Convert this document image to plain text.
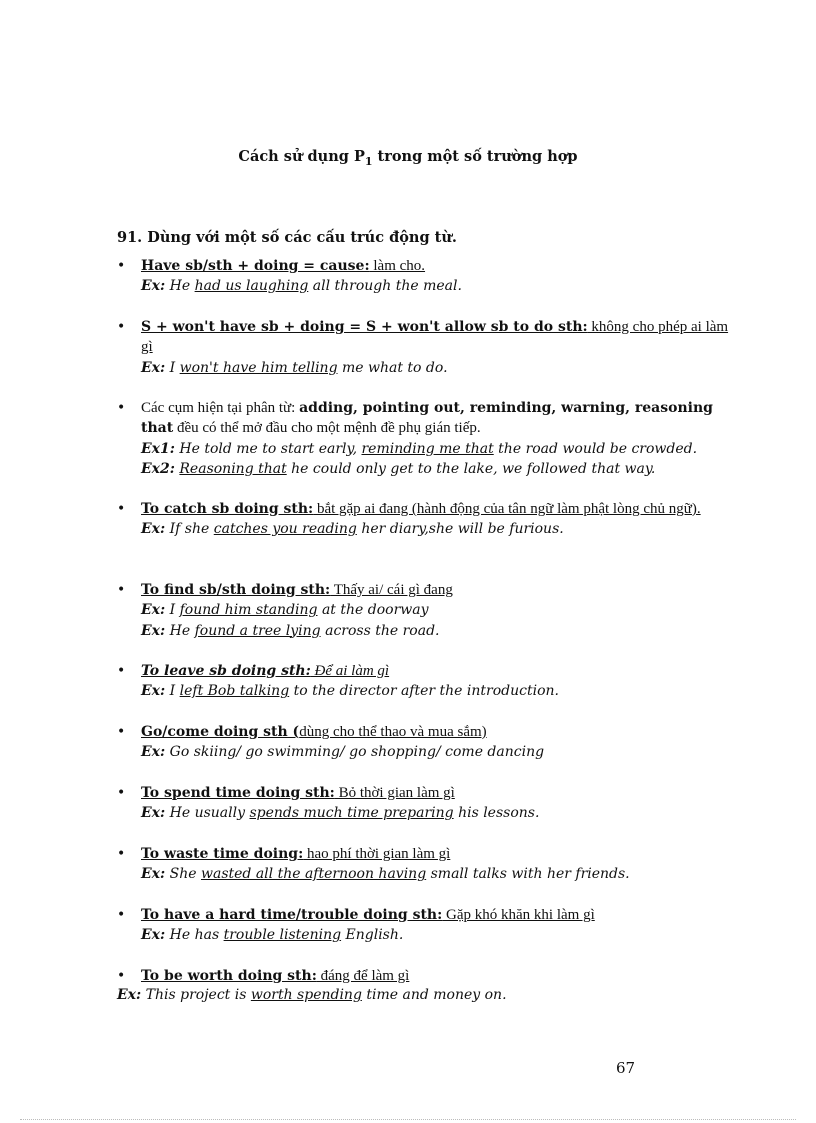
Cách sử dụng $P_1$ trong một số trường hợp
91. Dùng với một số các cấu trúc động từ.
•	Have sb/sth + doing = cause: làm cho.
Ex: He had us laughing all through the meal.
•	S + won't have sb + doing = S + won't allow sb to do sth: không cho phép ai làm gì
Ex: I won't have him telling me what to do.
•	Các cụm hiện tại phân từ: adding, pointing out, reminding, warning, reasoning that đều có thể mở đầu cho một mệnh đề phụ gián tiếp.
Ex1: He told me to start early, reminding me that the road would be crowded.
Ex2: Reasoning that he could only get to the lake, we followed that way.
•	To catch sb doing sth: bắt gặp ai đang (hành động của tân ngữ làm phật lòng chủ ngữ).
Ex: If she catches you reading her diary,she will be furious.
•	To find sb/sth doing sth: Thấy ai/ cái gì đang
Ex: I found him standing at the doorway
Ex: He found a tree lying across the road.
•	To leave sb doing sth: Để ai làm gì
Ex: I left Bob talking to the director after the introduction.
•	Go/come doing sth (dùng cho thể thao và mua sắm)
Ex: Go skiing/ go swimming/ go shopping/ come dancing
•	To spend time doing sth: Bỏ thời gian làm gì
Ex: He usually spends much time preparing his lessons.
•	To waste time doing: hao phí thời gian làm gì
Ex: She wasted all the afternoon having small talks with her friends.
•	To have a hard time/trouble doing sth: Gặp khó khăn khi làm gì
Ex: He has trouble listening English.
•	To be worth doing sth: đáng để làm gì
Ex: This project is worth spending time and money on.
67
